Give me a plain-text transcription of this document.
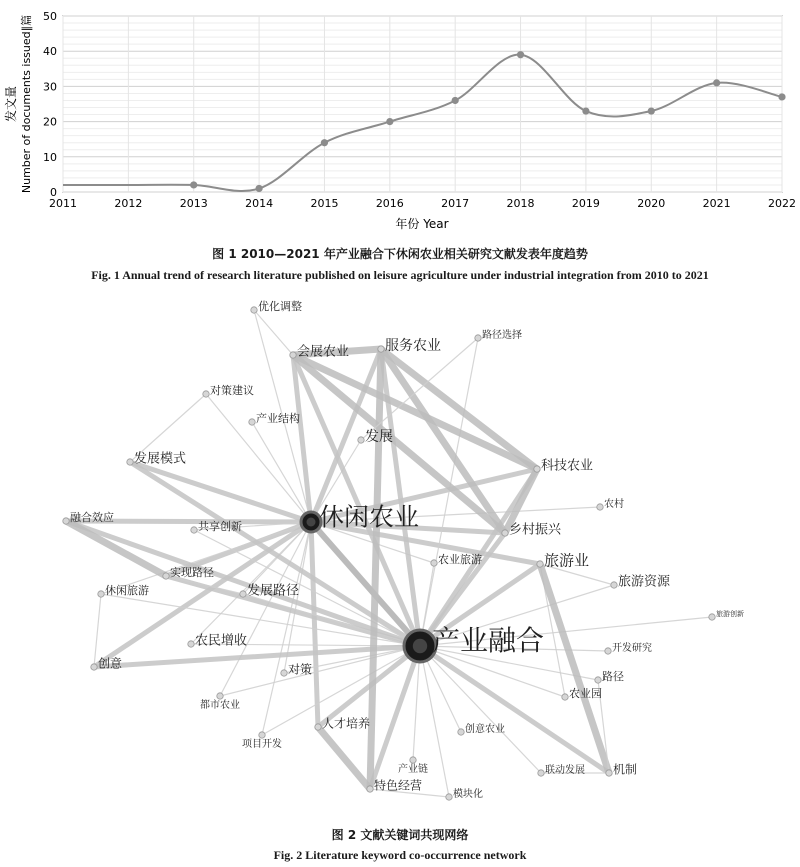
0
10
20
30
40
50
2011	2012	2013	2014	2015	2016	2017	2018	2019	2020	2021	2022
发文量 Number of documents issued∥篇
年份 Year
图 1 2010—2021 年产业融合下休闲农业相关研究文献发表年度趋势
Fig. 1 Annual trend of research literature published on leisure agriculture under industrial integration from 2010 to 2021
优化调整
会展农业	服务农业
路径选择
对策建议
产业结构
发展
发展模式	科技农业
农村
休闲农业
融合效应
共享创新	乡村振兴
农业旅游	旅游业
实现路径
旅游资源
休闲旅游	发展路径
旅游创新
产业融合
农民增收	开发研究
创意	对策	路径
都市农业
农业园
人才培养
项目开发
创意农业
产业链	联动发展 机制
特色经营
模块化
图 2 文献关键词共现网络
Fig. 2 Literature keyword co-occurrence network
